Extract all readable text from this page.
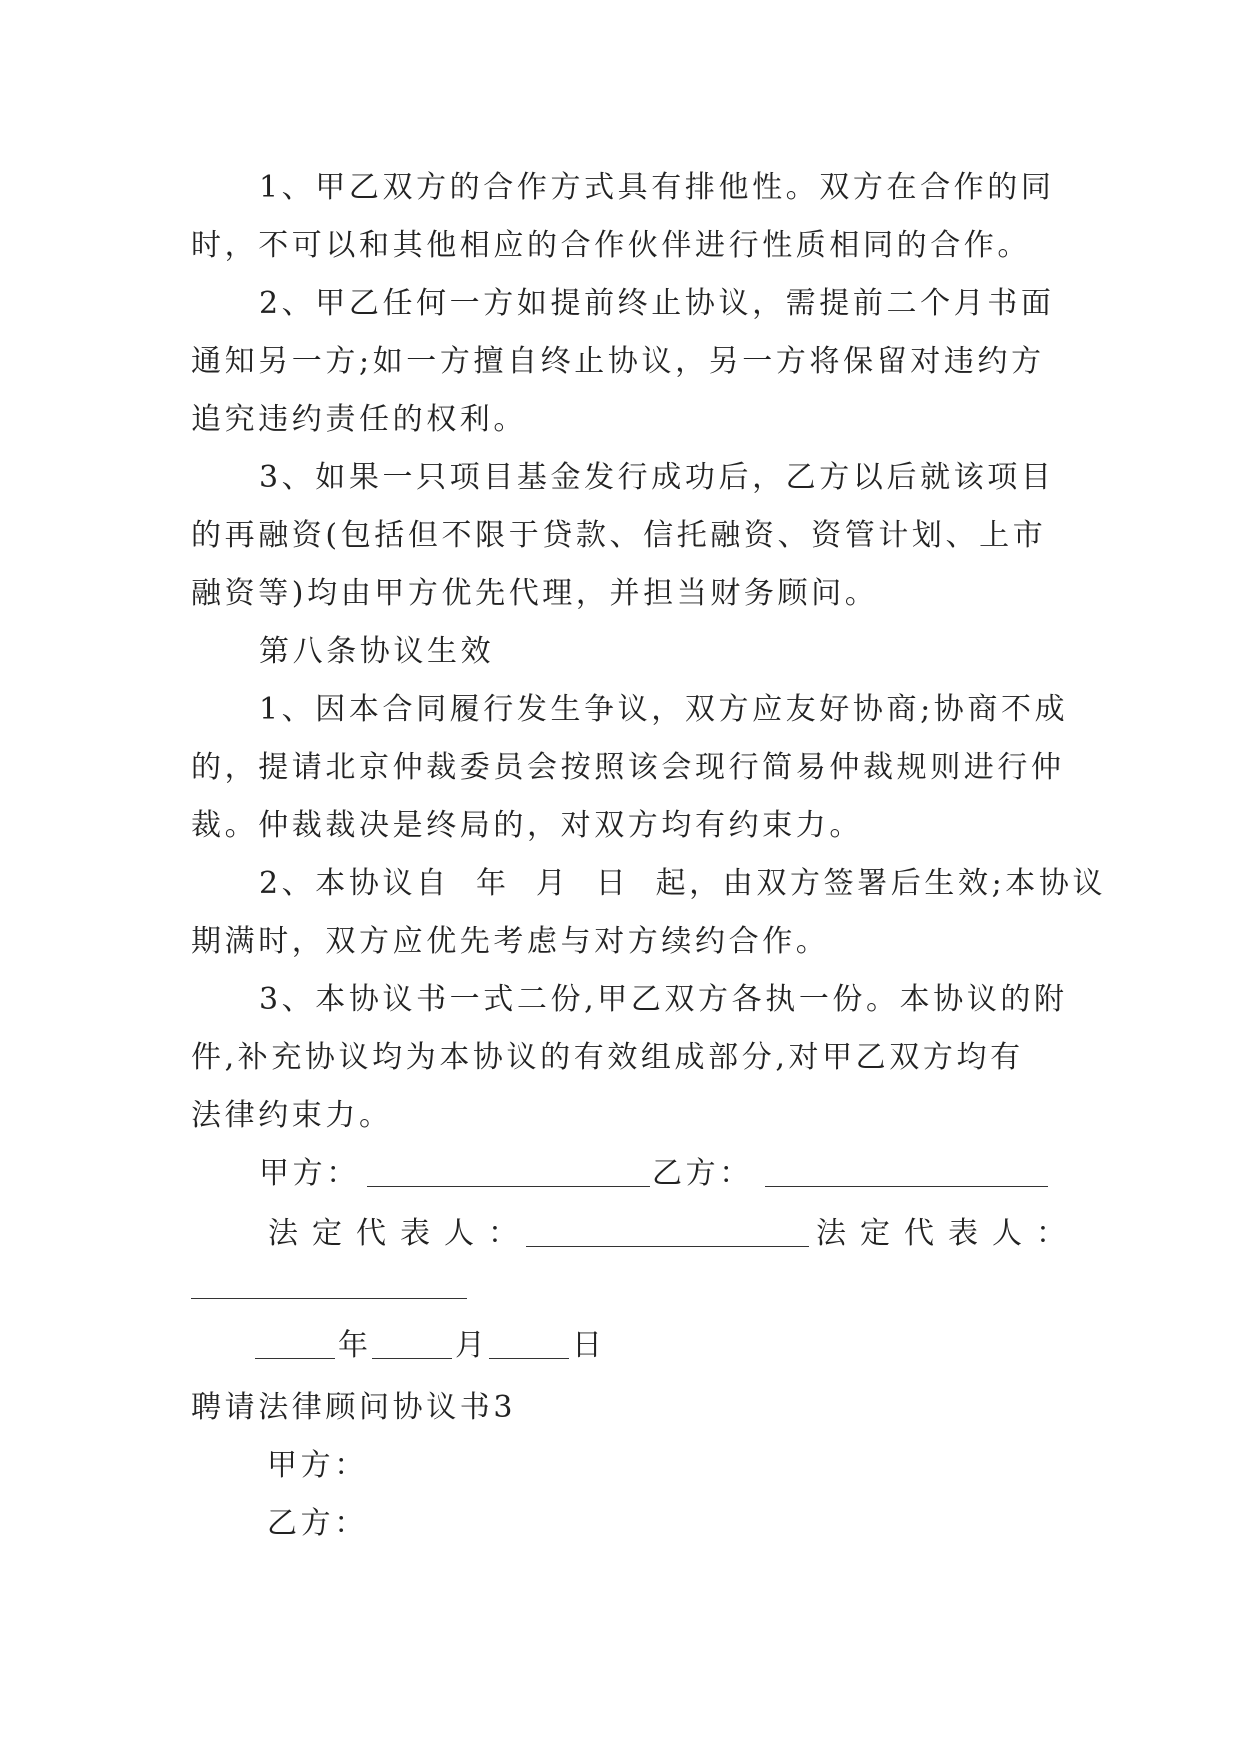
1、甲乙双方的合作方式具有排他性。双方在合作的同
时，不可以和其他相应的合作伙伴进行性质相同的合作。
2、甲乙任何一方如提前终止协议，需提前二个月书面
通知另一方;如一方擅自终止协议，另一方将保留对违约方
追究违约责任的权利。
3、如果一只项目基金发行成功后，乙方以后就该项目
的再融资(包括但不限于贷款、信托融资、资管计划、上市
融资等)均由甲方优先代理，并担当财务顾问。
第八条协议生效
1、因本合同履行发生争议，双方应友好协商;协商不成
的，提请北京仲裁委员会按照该会现行简易仲裁规则进行仲
裁。仲裁裁决是终局的，对双方均有约束力。
2、本协议自  年  月  日  起，由双方签署后生效;本协议
期满时，双方应优先考虑与对方续约合作。
3、本协议书一式二份,甲乙双方各执一份。本协议的附
件,补充协议均为本协议的有效组成部分,对甲乙双方均有
法律约束力。
甲方：	乙方：
法定代表人：	法定代表人：
年	月	日
聘请法律顾问协议书3
甲方：
乙方：
